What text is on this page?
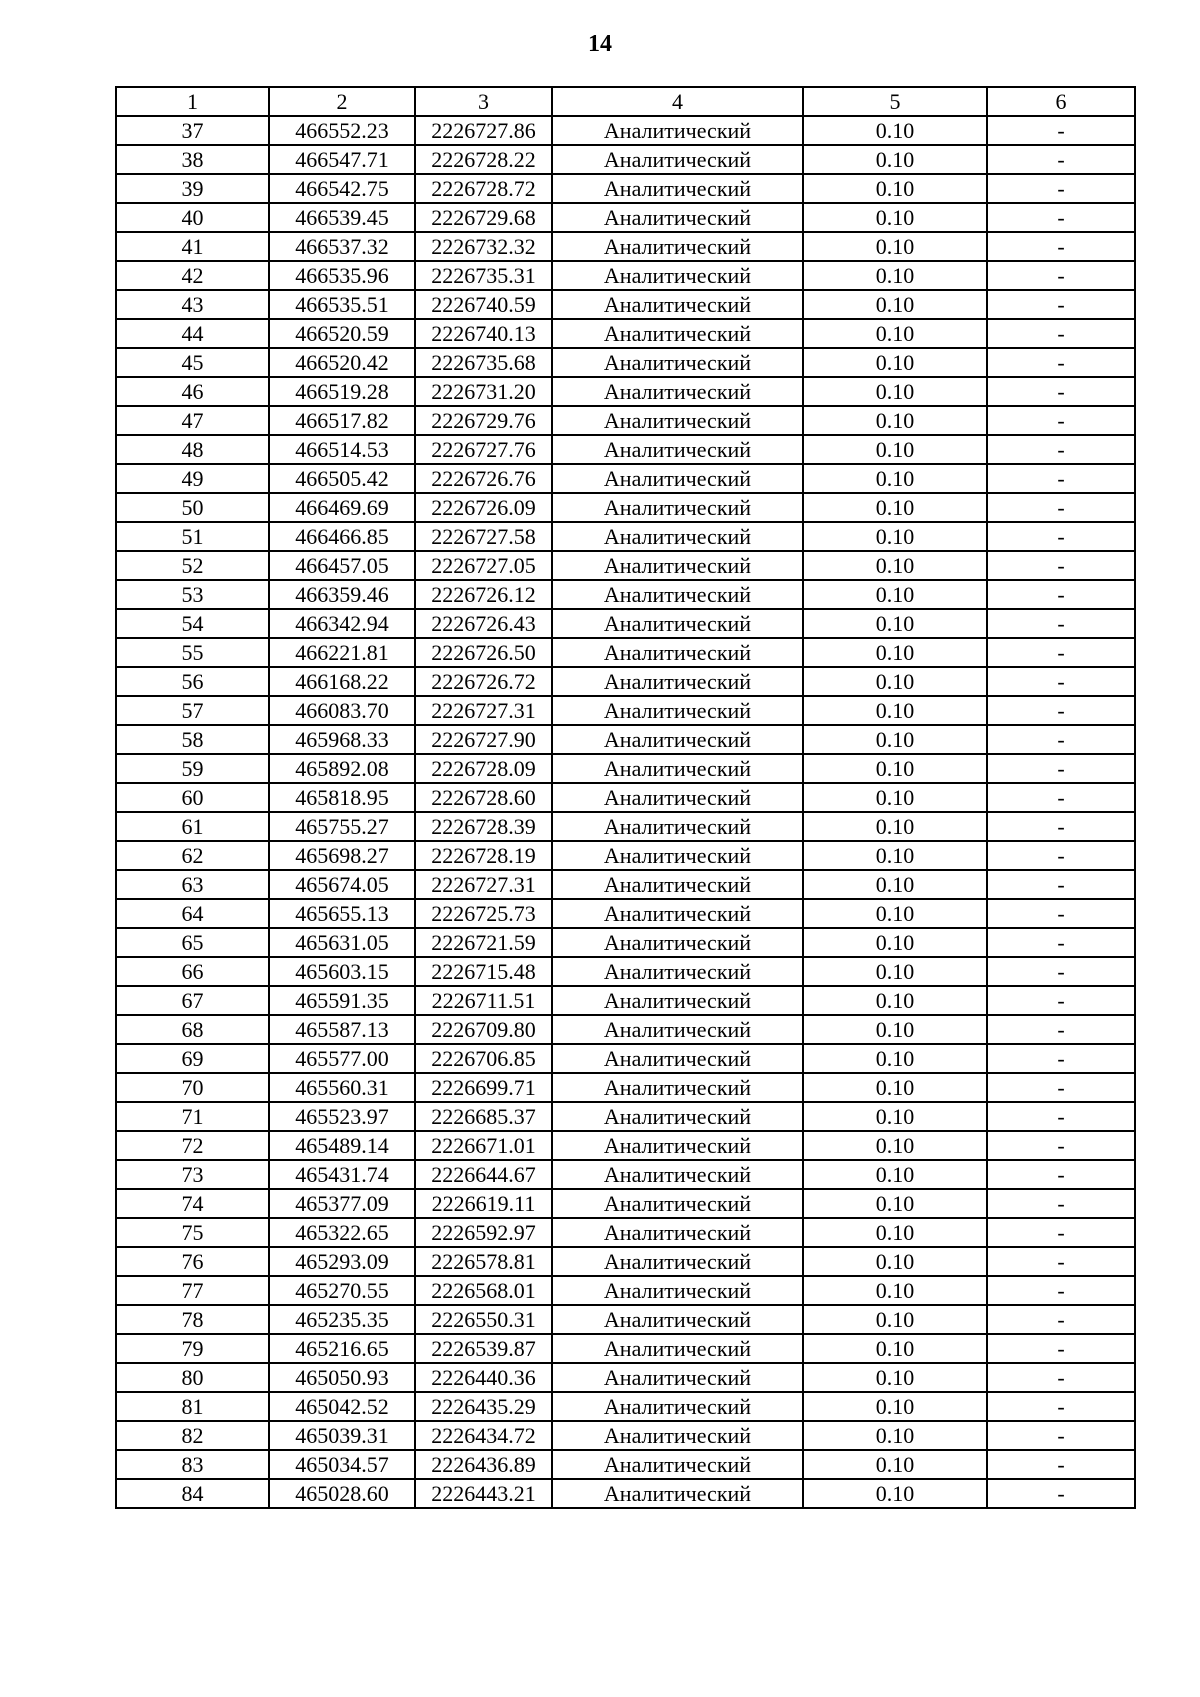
14
1	2	3	4	5	6
37	466552.23	2226727.86	Аналитический	0.10	-
38	466547.71	2226728.22	Аналитический	0.10	-
39	466542.75	2226728.72	Аналитический	0.10	-
40	466539.45	2226729.68	Аналитический	0.10	-
41	466537.32	2226732.32	Аналитический	0.10	-
42	466535.96	2226735.31	Аналитический	0.10	-
43	466535.51	2226740.59	Аналитический	0.10	-
44	466520.59	2226740.13	Аналитический	0.10	-
45	466520.42	2226735.68	Аналитический	0.10	-
46	466519.28	2226731.20	Аналитический	0.10	-
47	466517.82	2226729.76	Аналитический	0.10	-
48	466514.53	2226727.76	Аналитический	0.10	-
49	466505.42	2226726.76	Аналитический	0.10	-
50	466469.69	2226726.09	Аналитический	0.10	-
51	466466.85	2226727.58	Аналитический	0.10	-
52	466457.05	2226727.05	Аналитический	0.10	-
53	466359.46	2226726.12	Аналитический	0.10	-
54	466342.94	2226726.43	Аналитический	0.10	-
55	466221.81	2226726.50	Аналитический	0.10	-
56	466168.22	2226726.72	Аналитический	0.10	-
57	466083.70	2226727.31	Аналитический	0.10	-
58	465968.33	2226727.90	Аналитический	0.10	-
59	465892.08	2226728.09	Аналитический	0.10	-
60	465818.95	2226728.60	Аналитический	0.10	-
61	465755.27	2226728.39	Аналитический	0.10	-
62	465698.27	2226728.19	Аналитический	0.10	-
63	465674.05	2226727.31	Аналитический	0.10	-
64	465655.13	2226725.73	Аналитический	0.10	-
65	465631.05	2226721.59	Аналитический	0.10	-
66	465603.15	2226715.48	Аналитический	0.10	-
67	465591.35	2226711.51	Аналитический	0.10	-
68	465587.13	2226709.80	Аналитический	0.10	-
69	465577.00	2226706.85	Аналитический	0.10	-
70	465560.31	2226699.71	Аналитический	0.10	-
71	465523.97	2226685.37	Аналитический	0.10	-
72	465489.14	2226671.01	Аналитический	0.10	-
73	465431.74	2226644.67	Аналитический	0.10	-
74	465377.09	2226619.11	Аналитический	0.10	-
75	465322.65	2226592.97	Аналитический	0.10	-
76	465293.09	2226578.81	Аналитический	0.10	-
77	465270.55	2226568.01	Аналитический	0.10	-
78	465235.35	2226550.31	Аналитический	0.10	-
79	465216.65	2226539.87	Аналитический	0.10	-
80	465050.93	2226440.36	Аналитический	0.10	-
81	465042.52	2226435.29	Аналитический	0.10	-
82	465039.31	2226434.72	Аналитический	0.10	-
83	465034.57	2226436.89	Аналитический	0.10	-
84	465028.60	2226443.21	Аналитический	0.10	-
